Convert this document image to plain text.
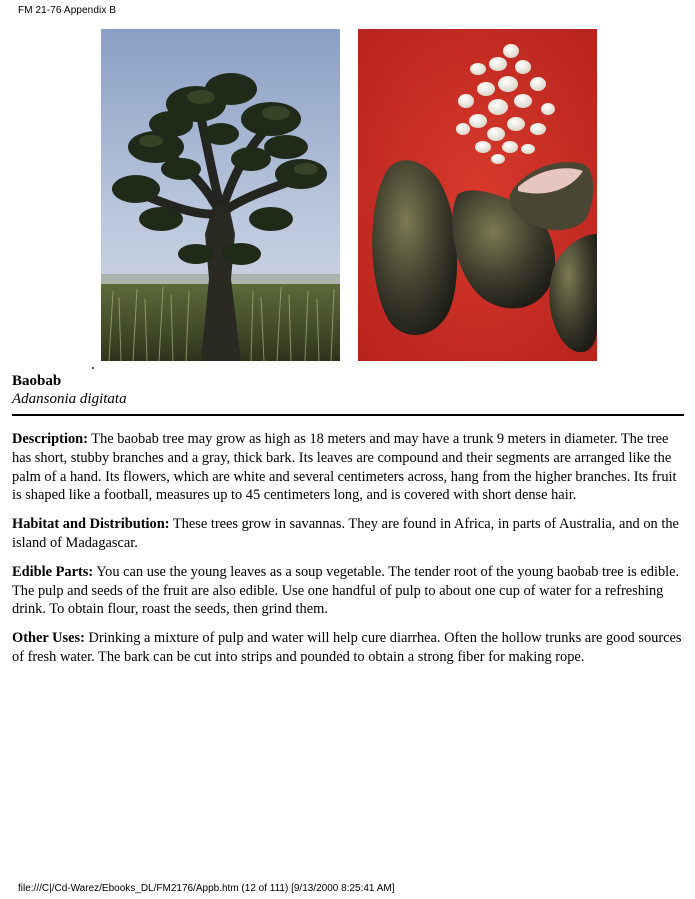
FM 21-76 Appendix B
Baobab
Adansonia digitata

Description: The baobab tree may grow as high as 18 meters and may have a trunk 9 meters in diameter. The tree has short, stubby branches and a gray, thick bark. Its leaves are compound and their segments are arranged like the palm of a hand. Its flowers, which are white and several centimeters across, hang from the higher branches. Its fruit is shaped like a football, measures up to 45 centimeters long, and is covered with short dense hair.

Habitat and Distribution: These trees grow in savannas. They are found in Africa, in parts of Australia, and on the island of Madagascar.

Edible Parts: You can use the young leaves as a soup vegetable. The tender root of the young baobab tree is edible. The pulp and seeds of the fruit are also edible. Use one handful of pulp to about one cup of water for a refreshing drink. To obtain flour, roast the seeds, then grind them.

Other Uses: Drinking a mixture of pulp and water will help cure diarrhea. Often the hollow trunks are good sources of fresh water. The bark can be cut into strips and pounded to obtain a strong fiber for making rope.

file:///C|/Cd-Warez/Ebooks_DL/FM2176/Appb.htm (12 of 111) [9/13/2000 8:25:41 AM]
